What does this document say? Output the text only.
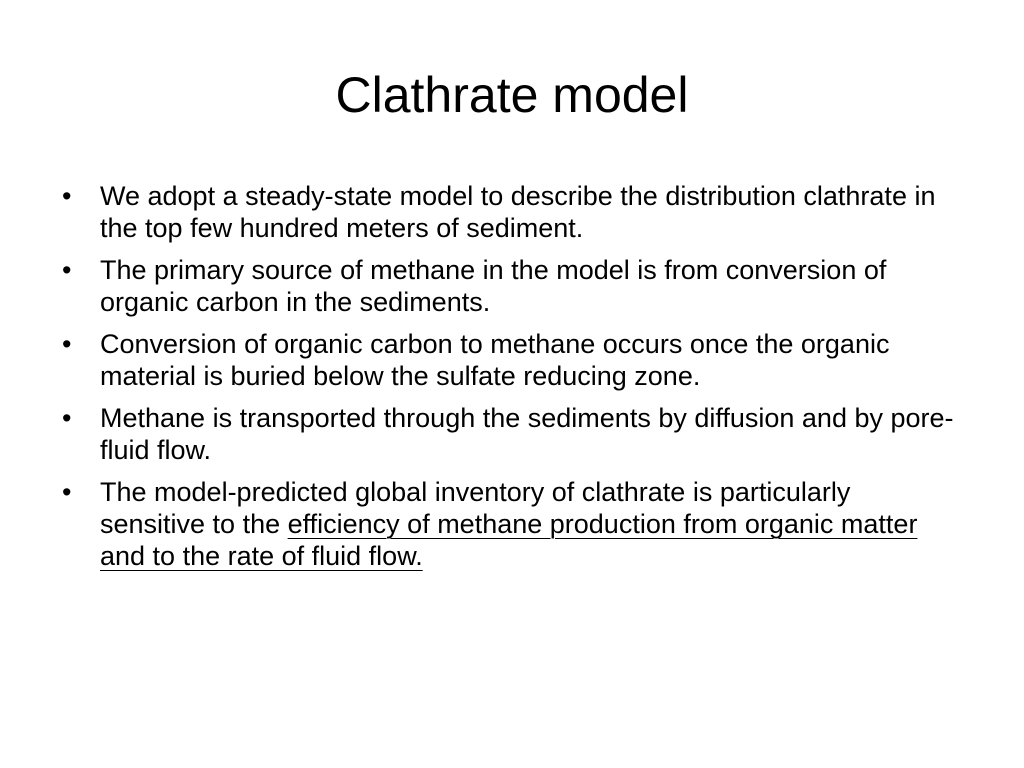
Clathrate model
• We adopt a steady-state model to describe the distribution clathrate in the top few hundred meters of sediment.
• The primary source of methane in the model is from conversion of organic carbon in the sediments.
• Conversion of organic carbon to methane occurs once the organic material is buried below the sulfate reducing zone.
• Methane is transported through the sediments by diffusion and by pore-fluid flow.
• The model-predicted global inventory of clathrate is particularly sensitive to the efficiency of methane production from organic matter and to the rate of fluid flow.
